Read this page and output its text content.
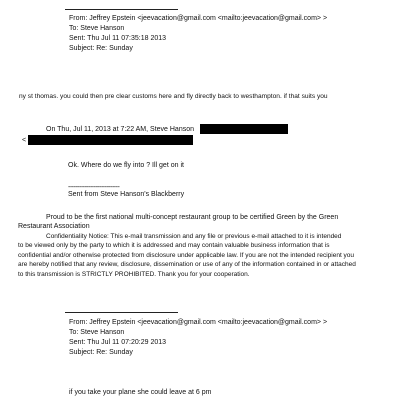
From: Jeffrey Epstein <jeevacation@gmail.com <mailto:jeevacation@gmail.com> >
To: Steve Hanson
Sent: Thu Jul 11 07:35:18 2013
Subject: Re: Sunday
ny st thomas. you could then pre clear customs here and fly directly back to westhampton. if that suits you
On Thu, Jul 11, 2013 at 7:22 AM, Steve Hanson
<
Ok. Where do we fly into ? Ill get on it
----------------------------
Sent from Steve Hanson's Blackberry
Proud to be the first national multi-concept restaurant group to be certified Green by the Green
Restaurant Association
Confidentiality Notice: This e-mail transmission and any file or previous e-mail attached to it is intended
to be viewed only by the party to which it is addressed and may contain valuable business information that is
confidential and/or otherwise protected from disclosure under applicable law. If you are not the intended recipient you
are hereby notified that any review, disclosure, dissemination or use of any of the information contained in or attached
to this transmission is STRICTLY PROHIBITED. Thank you for your cooperation.
From: Jeffrey Epstein <jeevacation@gmail.com <mailto:jeevacation@gmail.com> >
To: Steve Hanson
Sent: Thu Jul 11 07:20:29 2013
Subject: Re: Sunday
if you take your plane she could leave at 6 pm
